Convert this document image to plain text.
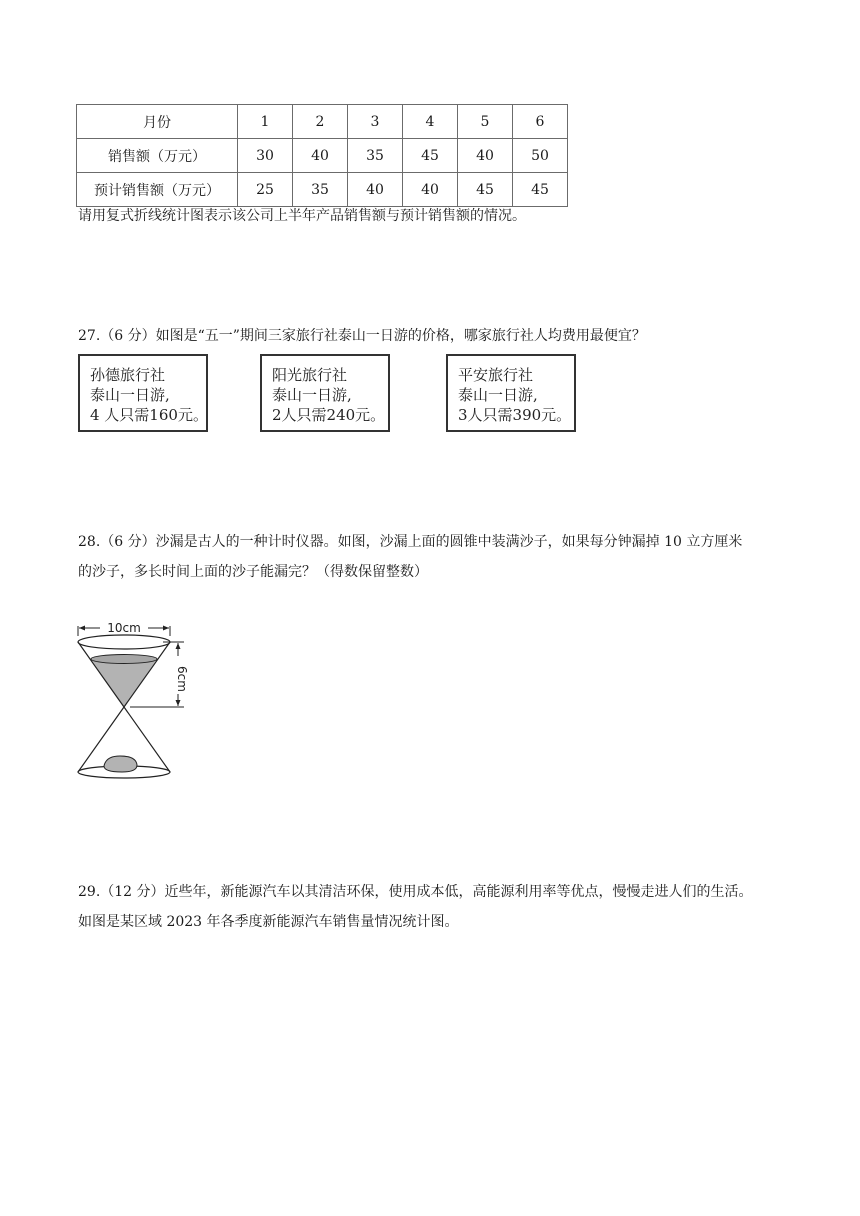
月份	1	2	3	4	5	6
销售额（万元）	30	40	35	45	40	50
预计销售额（万元）	25	35	40	40	45	45
请用复式折线统计图表示该公司上半年产品销售额与预计销售额的情况。
27.（6 分）如图是“五一”期间三家旅行社泰山一日游的价格，哪家旅行社人均费用最便宜？
孙德旅行社
泰山一日游,
4 人只需160元。
阳光旅行社
泰山一日游,
2人只需240元。
平安旅行社
泰山一日游,
3人只需390元。
28.（6 分）沙漏是古人的一种计时仪器。如图，沙漏上面的圆锥中装满沙子，如果每分钟漏掉 10 立方厘米
的沙子，多长时间上面的沙子能漏完？（得数保留整数）
10cm
6cm
29.（12 分）近些年，新能源汽车以其清洁环保，使用成本低，高能源利用率等优点，慢慢走进人们的生活。
如图是某区域 2023 年各季度新能源汽车销售量情况统计图。
